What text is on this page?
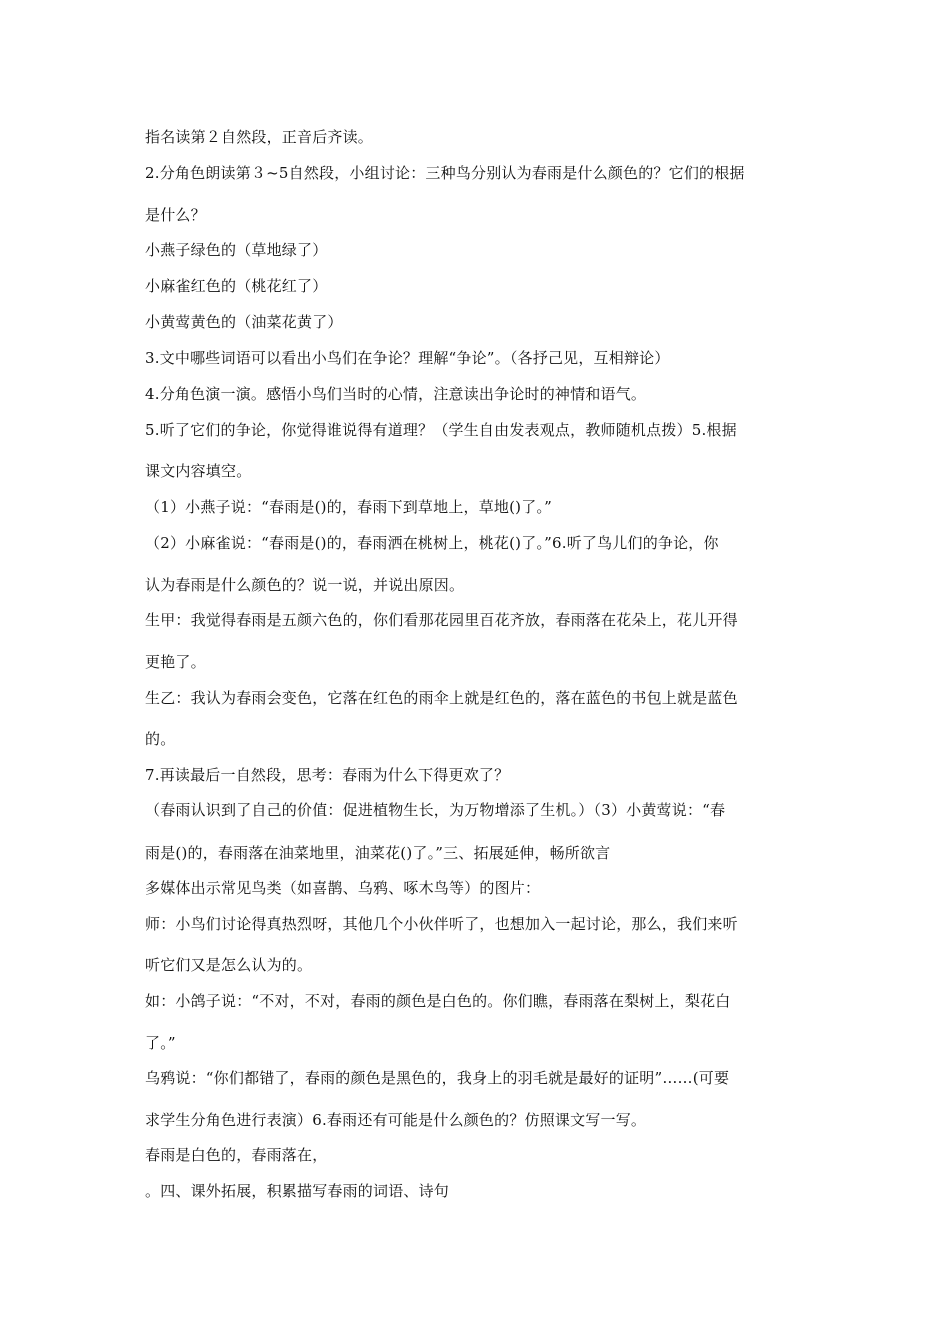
指名读第２自然段，正音后齐读。
2.分角色朗读第３~5自然段，小组讨论：三种鸟分别认为春雨是什么颜色的？它们的根据
是什么？
小燕子绿色的（草地绿了）
小麻雀红色的（桃花红了）
小黄莺黄色的（油菜花黄了）
3.文中哪些词语可以看出小鸟们在争论？理解“争论”。（各抒己见，互相辩论）
4.分角色演一演。感悟小鸟们当时的心情，注意读出争论时的神情和语气。
5.听了它们的争论，你觉得谁说得有道理？（学生自由发表观点，教师随机点拨）5.根据
课文内容填空。
（1）小燕子说：“春雨是()的，春雨下到草地上，草地()了。”
（2）小麻雀说：“春雨是()的，春雨洒在桃树上，桃花()了。”6.听了鸟儿们的争论，你
认为春雨是什么颜色的？说一说，并说出原因。
生甲：我觉得春雨是五颜六色的，你们看那花园里百花齐放，春雨落在花朵上，花儿开得
更艳了。
生乙：我认为春雨会变色，它落在红色的雨伞上就是红色的，落在蓝色的书包上就是蓝色
的。
7.再读最后一自然段，思考：春雨为什么下得更欢了？
（春雨认识到了自己的价值：促进植物生长，为万物增添了生机。）（3）小黄莺说：“春
雨是()的，春雨落在油菜地里，油菜花()了。”三、拓展延伸，畅所欲言
多媒体出示常见鸟类（如喜鹊、乌鸦、啄木鸟等）的图片：
师：小鸟们讨论得真热烈呀，其他几个小伙伴听了，也想加入一起讨论，那么，我们来听
听它们又是怎么认为的。
如：小鸽子说：“不对，不对，春雨的颜色是白色的。你们瞧，春雨落在梨树上，梨花白
了。”
乌鸦说：“你们都错了，春雨的颜色是黑色的，我身上的羽毛就是最好的证明”……(可要
求学生分角色进行表演）6.春雨还有可能是什么颜色的？仿照课文写一写。
春雨是白色的，春雨落在，
。四、课外拓展，积累描写春雨的词语、诗句
